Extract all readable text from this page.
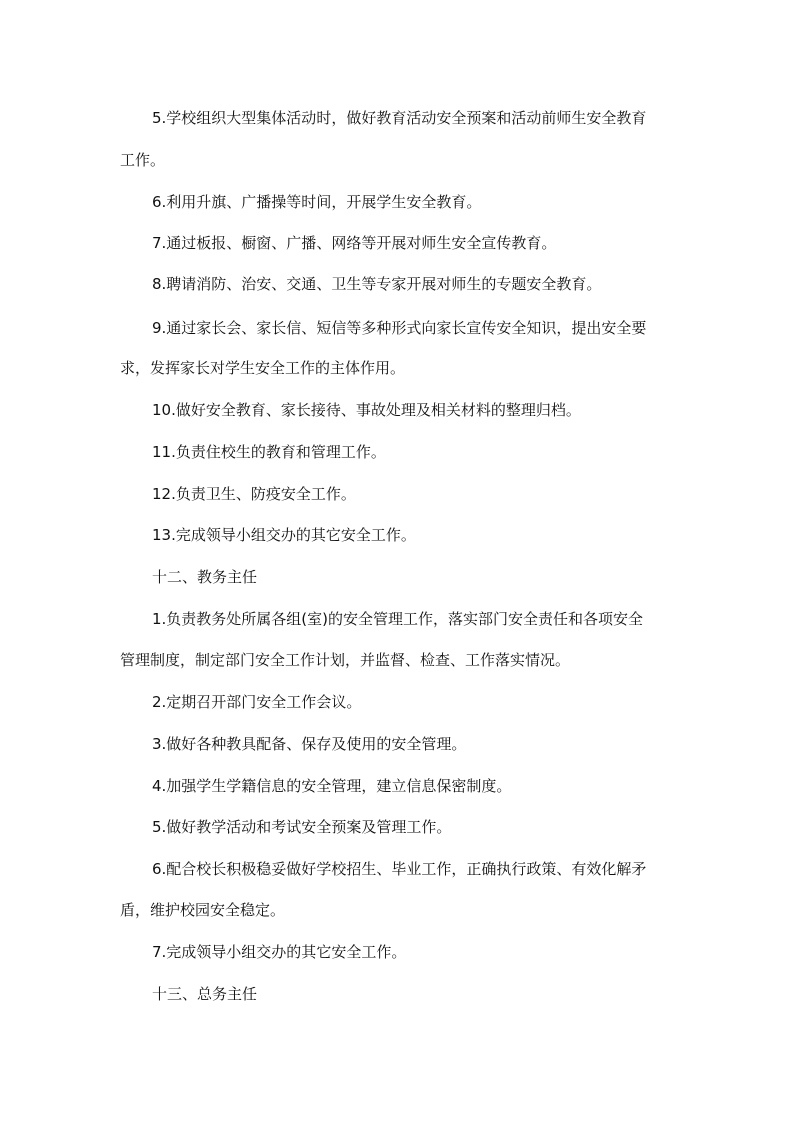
5.学校组织大型集体活动时，做好教育活动安全预案和活动前师生安全教育
工作。
6.利用升旗、广播操等时间，开展学生安全教育。
7.通过板报、橱窗、广播、网络等开展对师生安全宣传教育。
8.聘请消防、治安、交通、卫生等专家开展对师生的专题安全教育。
9.通过家长会、家长信、短信等多种形式向家长宣传安全知识，提出安全要
求，发挥家长对学生安全工作的主体作用。
10.做好安全教育、家长接待、事故处理及相关材料的整理归档。
11.负责住校生的教育和管理工作。
12.负责卫生、防疫安全工作。
13.完成领导小组交办的其它安全工作。
十二、教务主任
1.负责教务处所属各组(室)的安全管理工作，落实部门安全责任和各项安全
管理制度，制定部门安全工作计划，并监督、检查、工作落实情况。
2.定期召开部门安全工作会议。
3.做好各种教具配备、保存及使用的安全管理。
4.加强学生学籍信息的安全管理，建立信息保密制度。
5.做好教学活动和考试安全预案及管理工作。
6.配合校长积极稳妥做好学校招生、毕业工作，正确执行政策、有效化解矛
盾，维护校园安全稳定。
7.完成领导小组交办的其它安全工作。
十三、总务主任
